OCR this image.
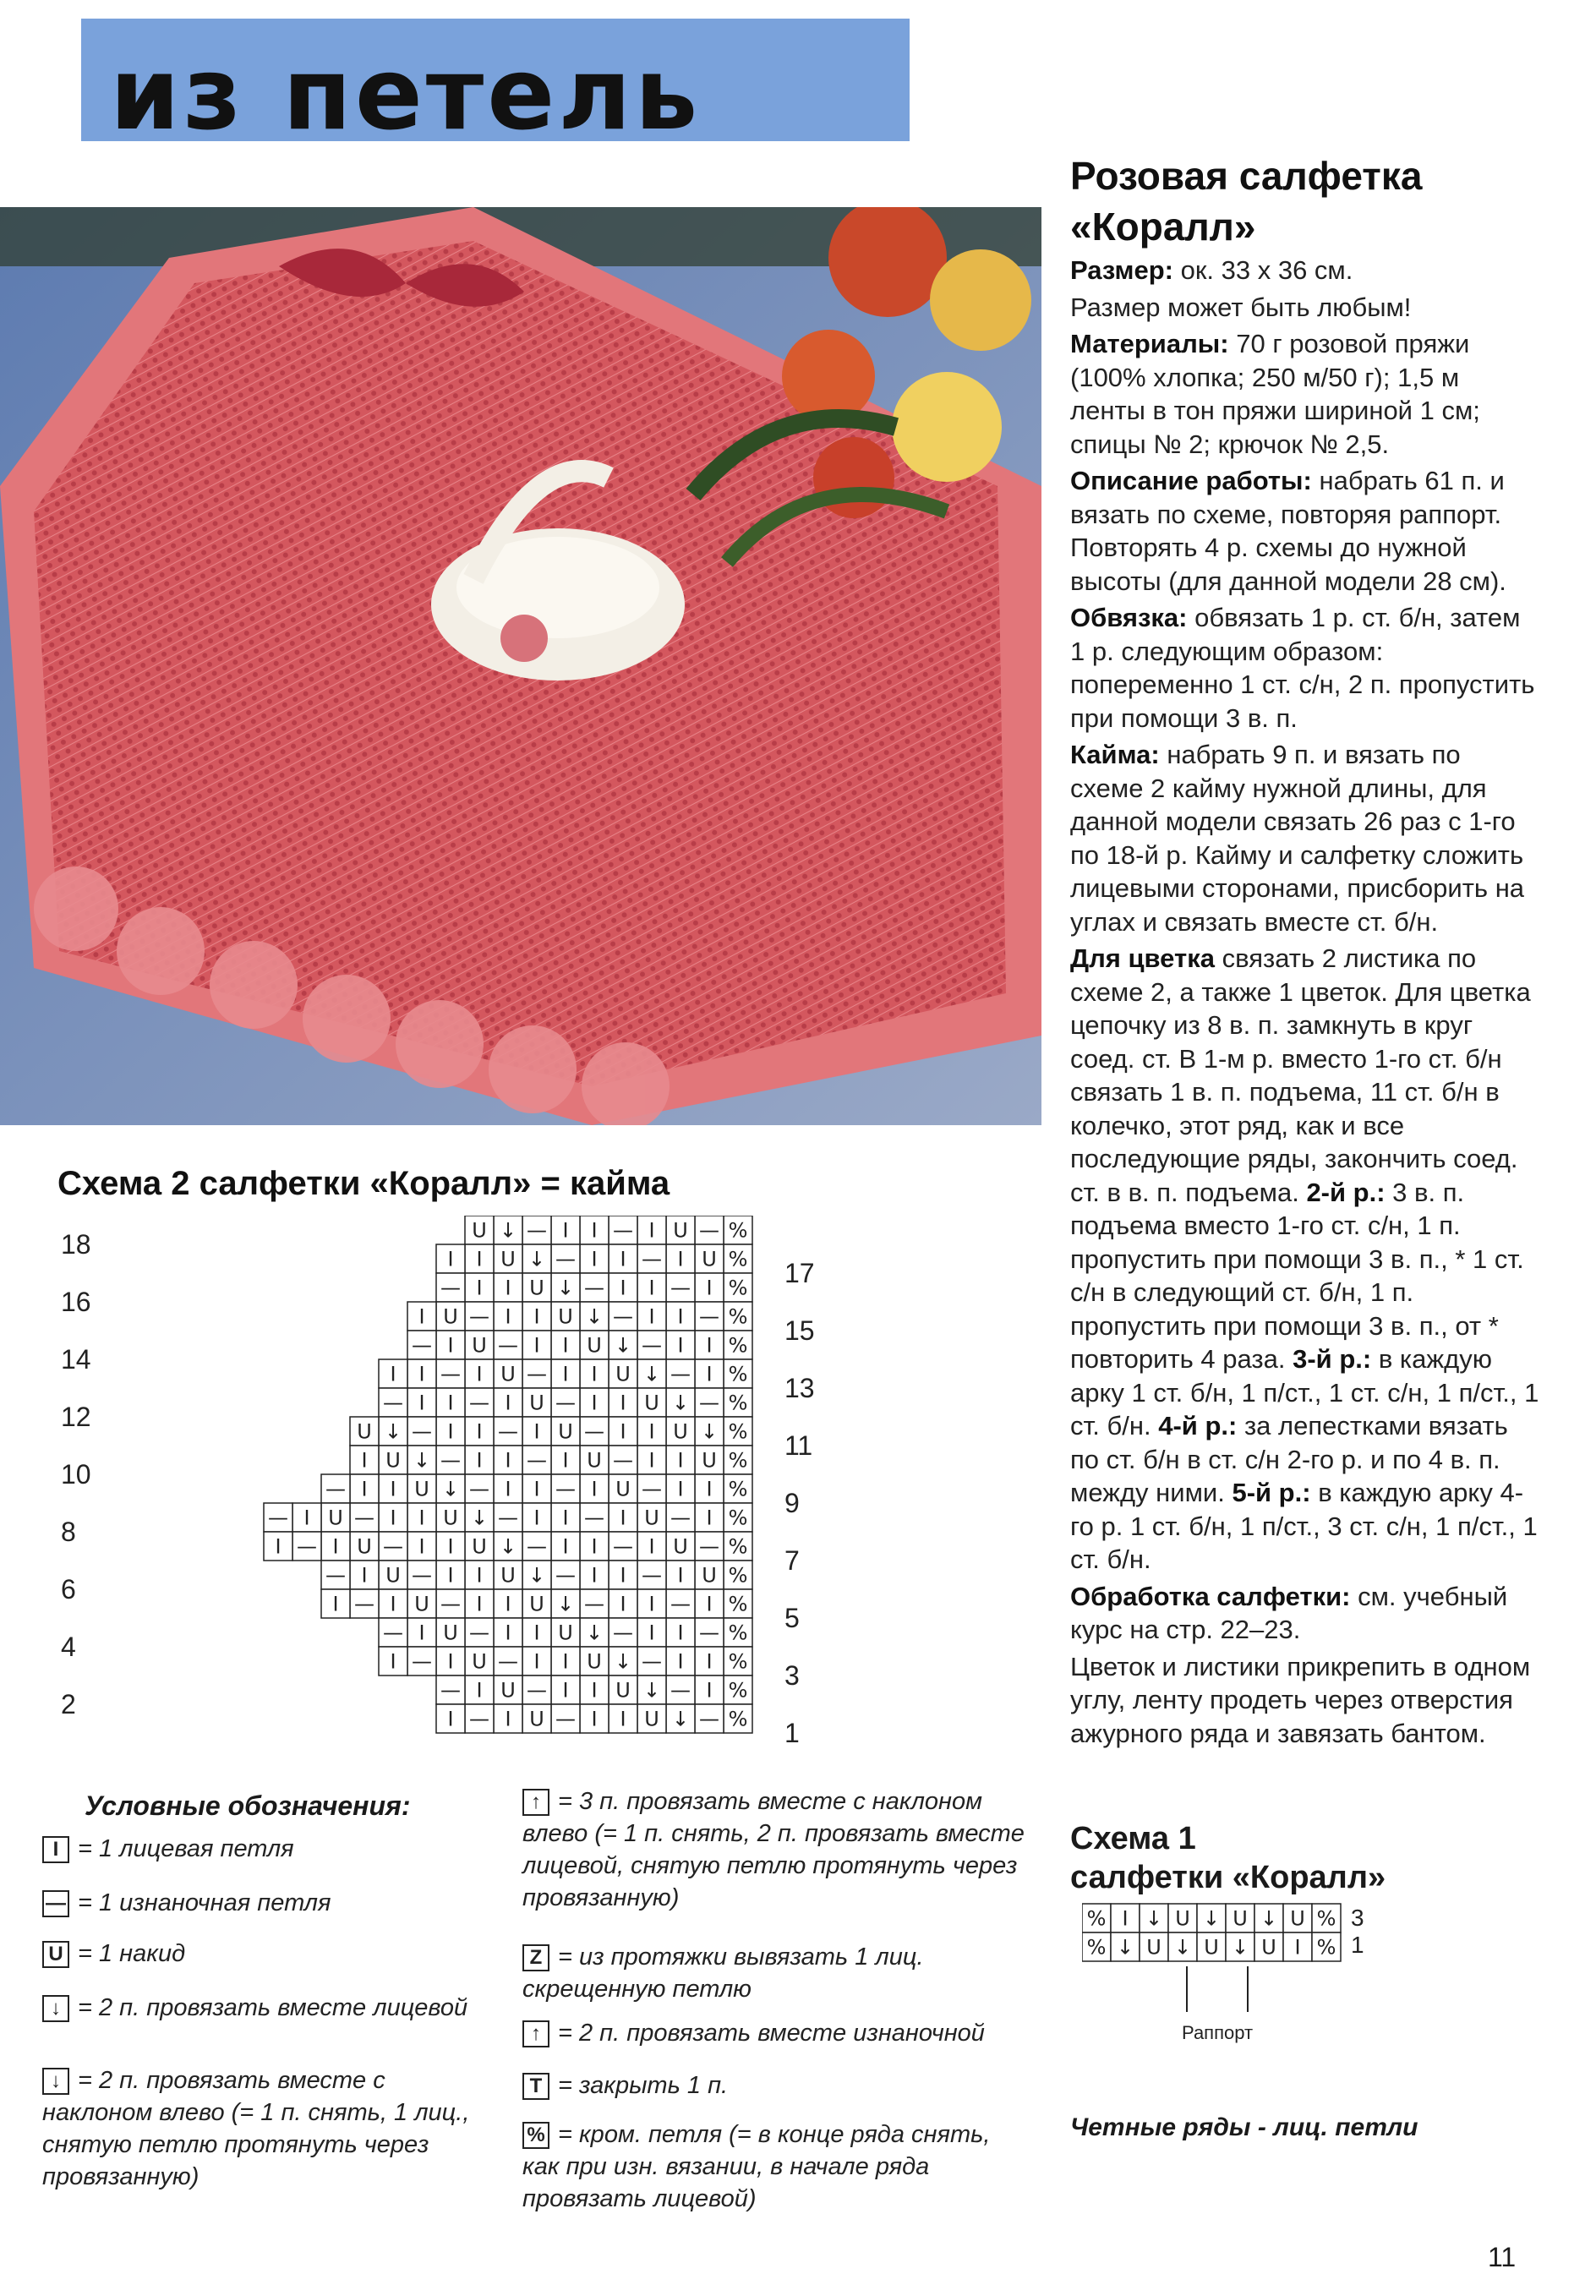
из петель
Розовая салфетка
«Коралл»

Размер: ок. 33 х 36 см.

Размер может быть любым!

Материалы: 70 г розовой пряжи (100% хлопка; 250 м/50 г); 1,5 м ленты в тон пряжи шириной 1 см; спицы № 2; крючок № 2,5.

Описание работы: набрать 61 п. и вязать по схеме, повторяя раппорт. Повторять 4 р. схемы до нужной высоты (для данной модели 28 см).

Обвязка: обвязать 1 р. ст. б/н, затем 1 р. следующим образом: попеременно 1 ст. с/н, 2 п. пропустить при помощи 3 в. п.

Кайма: набрать 9 п. и вязать по схеме 2 кайму нужной длины, для данной модели связать 26 раз с 1-го по 18-й р. Кайму и салфетку сложить лицевыми сторонами, присборить на углах и связать вместе ст. б/н.

Для цветка связать 2 листика по схеме 2, а также 1 цветок. Для цветка цепочку из 8 в. п. замкнуть в круг соед. ст. В 1-м р. вместо 1-го ст. б/н связать 1 в. п. подъема, 11 ст. б/н в колечко, этот ряд, как и все последующие ряды, закончить соед. ст. в в. п. подъема. 2-й р.: 3 в. п. подъема вместо 1-го ст. с/н, 1 п. пропустить при помощи 3 в. п., * 1 ст. с/н в следующий ст. б/н, 1 п. пропустить при помощи 3 в. п., от * повторить 4 раза. 3-й р.: в каждую арку 1 ст. б/н, 1 п/ст., 1 ст. с/н, 1 п/ст., 1 ст. б/н. 4-й р.: за лепестками вязать по ст. б/н в ст. с/н 2-го р. и по 4 в. п. между ними. 5-й р.: в каждую арку 4-го р. 1 ст. б/н, 1 п/ст., 3 ст. с/н, 1 п/ст., 1 ст. б/н.

Обработка салфетки: см. учебный курс на стр. 22–23.

Цветок и листики прикрепить в одном углу, ленту продеть через отверстия ажурного ряда и завязать бантом.

Схема 2 салфетки «Коралл» = кайма
18
16
14
12
10
8
6
4
2
17
15
13
11
9
7
5
3
1
%
—
U
I
—
I
I
—
↓
U
%
U
I
—
I
I
—
↓
U
I
I
%
I
—
I
I
—
↓
U
I
I
—
%
—
I
I
—
↓
U
I
I
—
U
I
%
I
I
—
↓
U
I
I
—
U
I
—
%
I
—
↓
U
I
I
—
U
I
—
I
I
%
—
↓
U
I
I
—
U
I
—
I
I
—
%
↓
U
I
I
—
U
I
—
I
I
—
↓
U
%
U
I
I
—
U
I
—
I
I
—
↓
U
I
%
I
I
—
U
I
—
I
I
—
↓
U
I
I
—
%
I
—
U
I
—
I
I
—
↓
U
I
I
—
U
I
—
%
—
U
I
—
I
I
—
↓
U
I
I
—
U
I
—
I
%
U
I
—
I
I
—
↓
U
I
I
—
U
I
—
%
I
—
I
I
—
↓
U
I
I
—
U
I
—
I
%
—
I
I
—
↓
U
I
I
—
U
I
—
%
I
I
—
↓
U
I
I
—
U
I
—
I
%
I
—
↓
U
I
I
—
U
I
—
%
—
↓
U
I
I
—
U
I
—
I
Условные обозначения:
I = 1 лицевая петля
— = 1 изнаночная петля
U = 1 накид
↓ = 2 п. провязать вместе лицевой
↓ = 2 п. провязать вместе с наклоном влево (= 1 п. снять, 1 лиц., снятую петлю протянуть через провязанную)
↑ = 3 п. провязать вместе с наклоном влево (= 1 п. снять, 2 п. провязать вместе лицевой, снятую петлю протянуть через провязанную)
Z = из протяжки вывязать 1 лиц. скрещенную петлю
↑ = 2 п. провязать вместе изнаночной
T = закрыть 1 п.
% = кром. петля (= в конце ряда снять, как при изн. вязании, в начале ряда провязать лицевой)
Схема 1
салфетки «Коралл»
3
1
Раппорт
% I ↓ U ↓ U ↓ U %
% ↓ U ↓ U ↓ U I %
Четные ряды - лиц. петли
11
